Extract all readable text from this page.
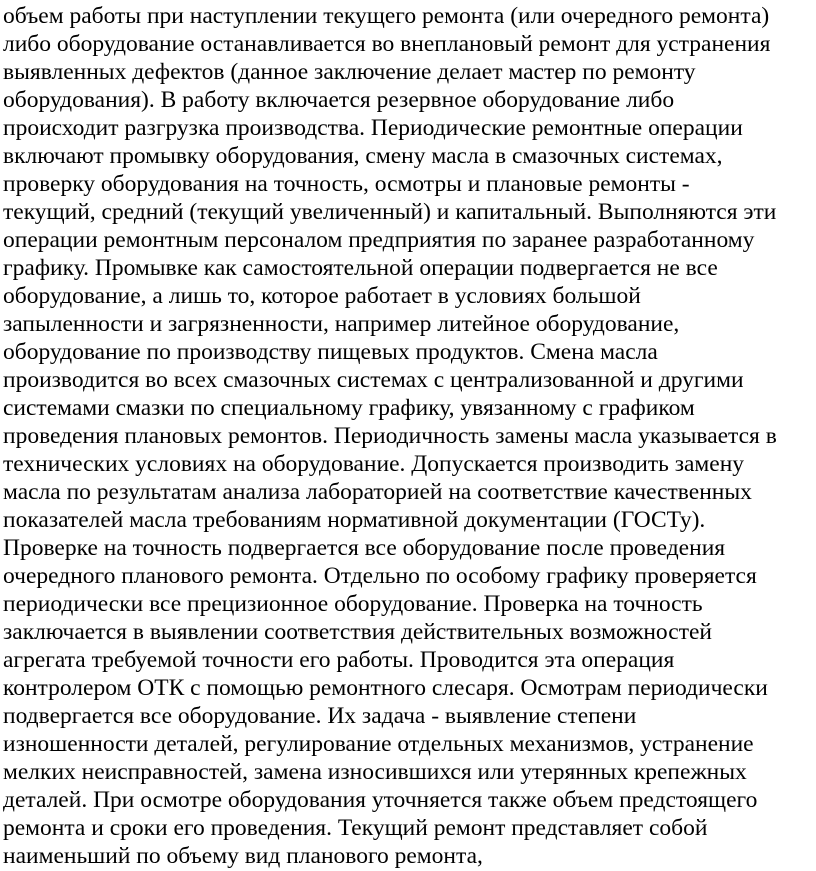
объем работы при наступлении текущего ремонта (или очередного ремонта)
либо оборудование останавливается во внеплановый ремонт для устранения
выявленных дефектов (данное заключение делает мастер по ремонту
оборудования). В работу включается резервное оборудование либо
происходит разгрузка производства. Периодические ремонтные операции
включают промывку оборудования, смену масла в смазочных системах,
проверку оборудования на точность, осмотры и плановые ремонты -
текущий, средний (текущий увеличенный) и капитальный. Выполняются эти
операции ремонтным персоналом предприятия по заранее разработанному
графику. Промывке как самостоятельной операции подвергается не все
оборудование, а лишь то, которое работает в условиях большой
запыленности и загрязненности, например литейное оборудование,
оборудование по производству пищевых продуктов. Смена масла
производится во всех смазочных системах с централизованной и другими
системами смазки по специальному графику, увязанному с графиком
проведения плановых ремонтов. Периодичность замены масла указывается в
технических условиях на оборудование. Допускается производить замену
масла по результатам анализа лабораторией на соответствие качественных
показателей масла требованиям нормативной документации (ГОСТу).
Проверке на точность подвергается все оборудование после проведения
очередного планового ремонта. Отдельно по особому графику проверяется
периодически все прецизионное оборудование. Проверка на точность
заключается в выявлении соответствия действительных возможностей
агрегата требуемой точности его работы. Проводится эта операция
контролером ОТК с помощью ремонтного слесаря. Осмотрам периодически
подвергается все оборудование. Их задача - выявление степени
изношенности деталей, регулирование отдельных механизмов, устранение
мелких неисправностей, замена износившихся или утерянных крепежных
деталей. При осмотре оборудования уточняется также объем предстоящего
ремонта и сроки его проведения. Текущий ремонт представляет собой
наименьший по объему вид планового ремонта,
